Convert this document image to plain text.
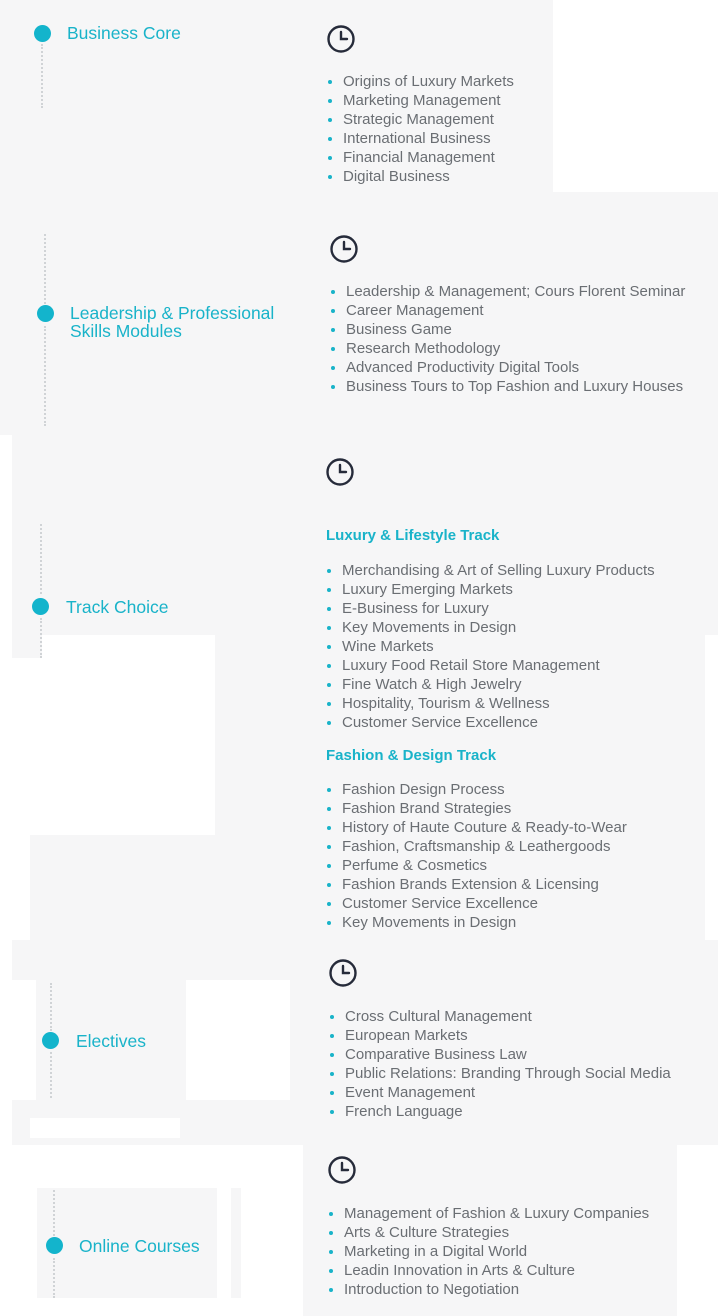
Business Core
Origins of Luxury Markets
Marketing Management
Strategic Management
International Business
Financial Management
Digital Business
Leadership & Professional
Skills Modules
Leadership & Management; Cours Florent Seminar
Career Management
Business Game
Research Methodology
Advanced Productivity Digital Tools
Business Tours to Top Fashion and Luxury Houses
Track Choice
Luxury & Lifestyle Track
Merchandising & Art of Selling Luxury Products
Luxury Emerging Markets
E-Business for Luxury
Key Movements in Design
Wine Markets
Luxury Food Retail Store Management
Fine Watch & High Jewelry
Hospitality, Tourism & Wellness
Customer Service Excellence
Fashion & Design Track
Fashion Design Process
Fashion Brand Strategies
History of Haute Couture & Ready-to-Wear
Fashion, Craftsmanship & Leathergoods
Perfume & Cosmetics
Fashion Brands Extension & Licensing
Customer Service Excellence
Key Movements in Design
Electives
Cross Cultural Management
European Markets
Comparative Business Law
Public Relations: Branding Through Social Media
Event Management
French Language
Online Courses
Management of Fashion & Luxury Companies
Arts & Culture Strategies
Marketing in a Digital World
Leadin Innovation in Arts & Culture
Introduction to Negotiation
